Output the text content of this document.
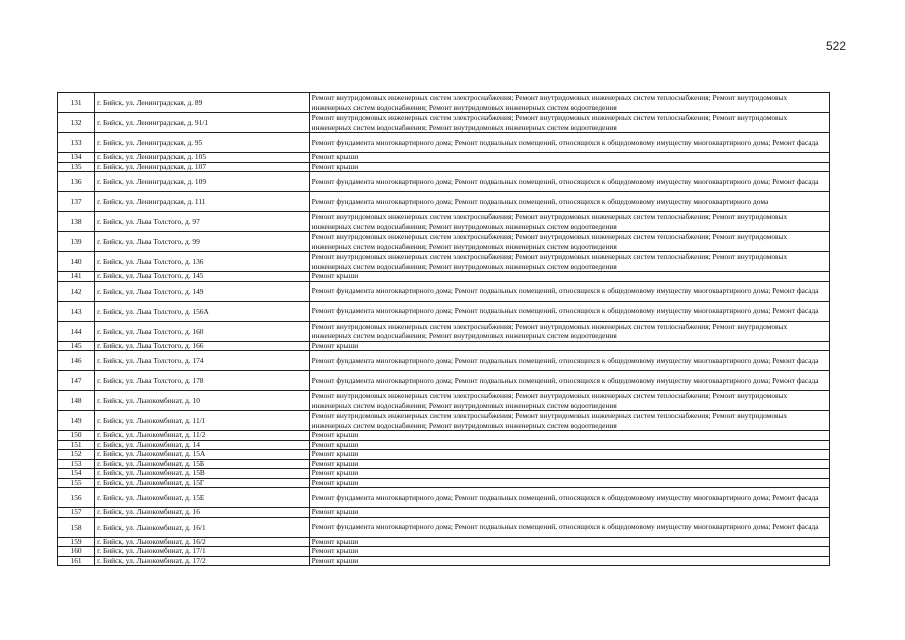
522
131	г. Бийск, ул. Ленинградская, д. 89	Ремонт внутридомовых инженерных систем электроснабжения; Ремонт внутридомовых инженерных систем теплоснабжения; Ремонт внутридомовых инженерных систем водоснабжения; Ремонт внутридомовых инженерных систем водоотведения
132	г. Бийск, ул. Ленинградская, д. 91/1	Ремонт внутридомовых инженерных систем электроснабжения; Ремонт внутридомовых инженерных систем теплоснабжения; Ремонт внутридомовых инженерных систем водоснабжения; Ремонт внутридомовых инженерных систем водоотведения
133	г. Бийск, ул. Ленинградская, д. 95	Ремонт фундамента многоквартирного дома; Ремонт подвальных помещений, относящихся к общедомовому имуществу многоквартирного дома; Ремонт фасада
134	г. Бийск, ул. Ленинградская, д. 105	Ремонт крыши
135	г. Бийск, ул. Ленинградская, д. 107	Ремонт крыши
136	г. Бийск, ул. Ленинградская, д. 109	Ремонт фундамента многоквартирного дома; Ремонт подвальных помещений, относящихся к общедомовому имуществу многоквартирного дома; Ремонт фасада
137	г. Бийск, ул. Ленинградская, д. 111	Ремонт фундамента многоквартирного дома; Ремонт подвальных помещений, относящихся к общедомовому имуществу многоквартирного дома
138	г. Бийск, ул. Льва Толстого, д. 97	Ремонт внутридомовых инженерных систем электроснабжения; Ремонт внутридомовых инженерных систем теплоснабжения; Ремонт внутридомовых инженерных систем водоснабжения; Ремонт внутридомовых инженерных систем водоотведения
139	г. Бийск, ул. Льва Толстого, д. 99	Ремонт внутридомовых инженерных систем электроснабжения; Ремонт внутридомовых инженерных систем теплоснабжения; Ремонт внутридомовых инженерных систем водоснабжения; Ремонт внутридомовых инженерных систем водоотведения
140	г. Бийск, ул. Льва Толстого, д. 136	Ремонт внутридомовых инженерных систем электроснабжения; Ремонт внутридомовых инженерных систем теплоснабжения; Ремонт внутридомовых инженерных систем водоснабжения; Ремонт внутридомовых инженерных систем водоотведения
141	г. Бийск, ул. Льва Толстого, д. 145	Ремонт крыши
142	г. Бийск, ул. Льва Толстого, д. 149	Ремонт фундамента многоквартирного дома; Ремонт подвальных помещений, относящихся к общедомовому имуществу многоквартирного дома; Ремонт фасада
143	г. Бийск, ул. Льва Толстого, д. 156А	Ремонт фундамента многоквартирного дома; Ремонт подвальных помещений, относящихся к общедомовому имуществу многоквартирного дома; Ремонт фасада
144	г. Бийск, ул. Льва Толстого, д. 160	Ремонт внутридомовых инженерных систем электроснабжения; Ремонт внутридомовых инженерных систем теплоснабжения; Ремонт внутридомовых инженерных систем водоснабжения; Ремонт внутридомовых инженерных систем водоотведения
145	г. Бийск, ул. Льва Толстого, д. 166	Ремонт крыши
146	г. Бийск, ул. Льва Толстого, д. 174	Ремонт фундамента многоквартирного дома; Ремонт подвальных помещений, относящихся к общедомовому имуществу многоквартирного дома; Ремонт фасада
147	г. Бийск, ул. Льва Толстого, д. 178	Ремонт фундамента многоквартирного дома; Ремонт подвальных помещений, относящихся к общедомовому имуществу многоквартирного дома; Ремонт фасада
148	г. Бийск, ул. Льнокомбинат, д. 10	Ремонт внутридомовых инженерных систем электроснабжения; Ремонт внутридомовых инженерных систем теплоснабжения; Ремонт внутридомовых инженерных систем водоснабжения; Ремонт внутридомовых инженерных систем водоотведения
149	г. Бийск, ул. Льнокомбинат, д. 11/1	Ремонт внутридомовых инженерных систем электроснабжения; Ремонт внутридомовых инженерных систем теплоснабжения; Ремонт внутридомовых инженерных систем водоснабжения; Ремонт внутридомовых инженерных систем водоотведения
150	г. Бийск, ул. Льнокомбинат, д. 11/2	Ремонт крыши
151	г. Бийск, ул. Льнокомбинат, д. 14	Ремонт крыши
152	г. Бийск, ул. Льнокомбинат, д. 15А	Ремонт крыши
153	г. Бийск, ул. Льнокомбинат, д. 15Б	Ремонт крыши
154	г. Бийск, ул. Льнокомбинат, д. 15В	Ремонт крыши
155	г. Бийск, ул. Льнокомбинат, д. 15Г	Ремонт крыши
156	г. Бийск, ул. Льнокомбинат, д. 15Е	Ремонт фундамента многоквартирного дома; Ремонт подвальных помещений, относящихся к общедомовому имуществу многоквартирного дома; Ремонт фасада
157	г. Бийск, ул. Льнокомбинат, д. 16	Ремонт крыши
158	г. Бийск, ул. Льнокомбинат, д. 16/1	Ремонт фундамента многоквартирного дома; Ремонт подвальных помещений, относящихся к общедомовому имуществу многоквартирного дома; Ремонт фасада
159	г. Бийск, ул. Льнокомбинат, д. 16/2	Ремонт крыши
160	г. Бийск, ул. Льнокомбинат, д. 17/1	Ремонт крыши
161	г. Бийск, ул. Льнокомбинат, д. 17/2	Ремонт крыши
